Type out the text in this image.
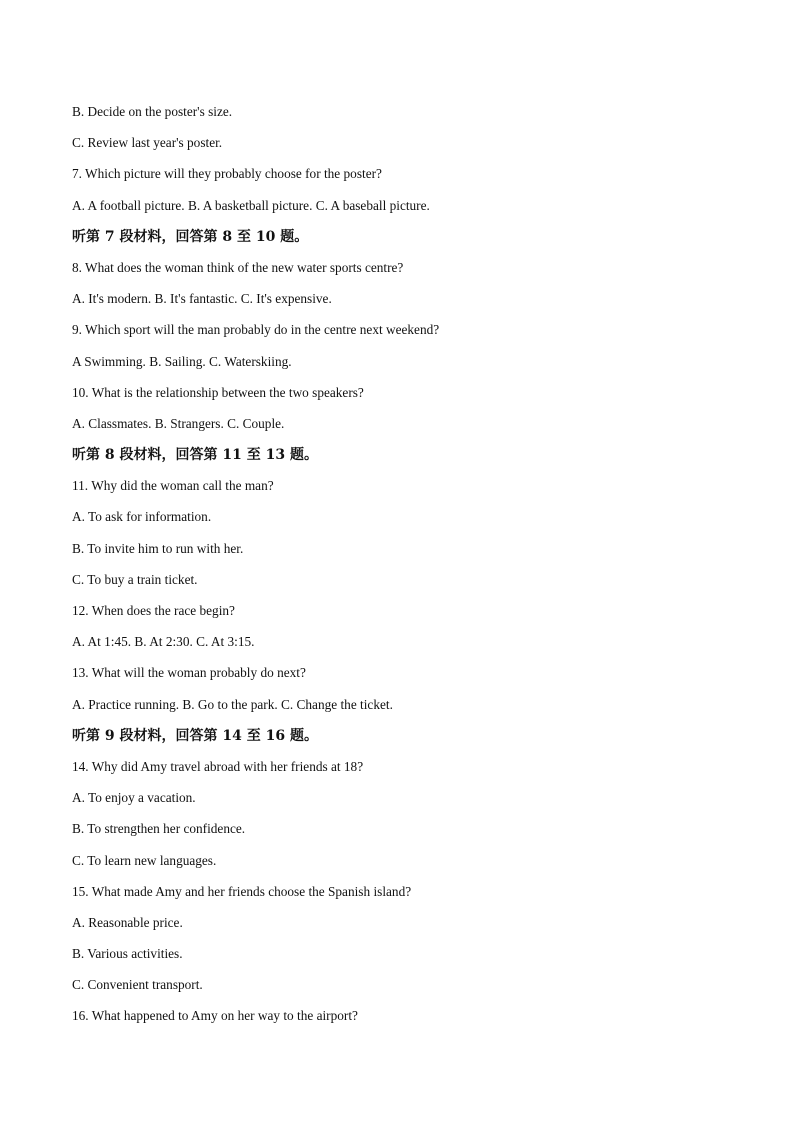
B. Decide on the poster's size.
C. Review last year's poster.
7. Which picture will they probably choose for the poster?
A. A football picture. B. A basketball picture. C. A baseball picture.
听第 7 段材料，回答第 8 至 10 题。
8. What does the woman think of the new water sports centre?
A. It's modern. B. It's fantastic. C. It's expensive.
9. Which sport will the man probably do in the centre next weekend?
A Swimming. B. Sailing. C. Waterskiing.
10. What is the relationship between the two speakers?
A. Classmates. B. Strangers. C. Couple.
听第 8 段材料，回答第 11 至 13 题。
11. Why did the woman call the man?
A. To ask for information.
B. To invite him to run with her.
C. To buy a train ticket.
12. When does the race begin?
A. At 1:45. B. At 2:30. C. At 3:15.
13. What will the woman probably do next?
A. Practice running. B. Go to the park. C. Change the ticket.
听第 9 段材料，回答第 14 至 16 题。
14. Why did Amy travel abroad with her friends at 18?
A. To enjoy a vacation.
B. To strengthen her confidence.
C. To learn new languages.
15. What made Amy and her friends choose the Spanish island?
A. Reasonable price.
B. Various activities.
C. Convenient transport.
16. What happened to Amy on her way to the airport?
